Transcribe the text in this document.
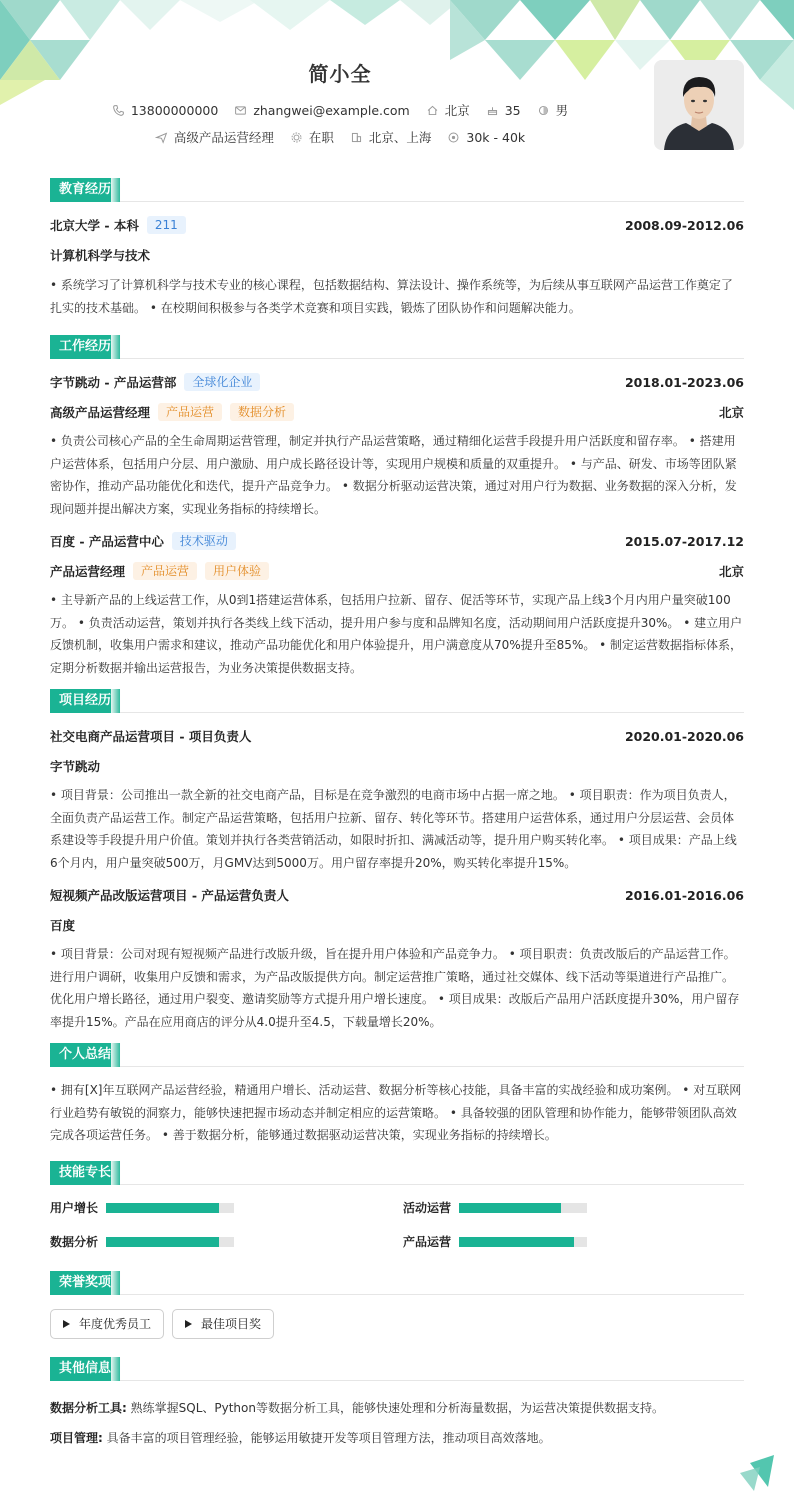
简小全
13800000000	zhangwei@example.com	北京	35	男
高级产品运营经理	在职	北京、上海	30k - 40k
教育经历
北京大学 - 本科	211	2008.09-2012.06
计算机科学与技术
• 系统学习了计算机科学与技术专业的核心课程，包括数据结构、算法设计、操作系统等，为后续从事互联网产品运营工作奠定了扎实的技术基础。 • 在校期间积极参与各类学术竞赛和项目实践，锻炼了团队协作和问题解决能力。
工作经历
字节跳动 - 产品运营部	全球化企业	2018.01-2023.06
高级产品运营经理	产品运营	数据分析	北京
• 负责公司核心产品的全生命周期运营管理，制定并执行产品运营策略，通过精细化运营手段提升用户活跃度和留存率。 • 搭建用户运营体系，包括用户分层、用户激励、用户成长路径设计等，实现用户规模和质量的双重提升。 • 与产品、研发、市场等团队紧密协作，推动产品功能优化和迭代，提升产品竞争力。 • 数据分析驱动运营决策，通过对用户行为数据、业务数据的深入分析，发现问题并提出解决方案，实现业务指标的持续增长。
百度 - 产品运营中心	技术驱动	2015.07-2017.12
产品运营经理	产品运营	用户体验	北京
• 主导新产品的上线运营工作，从0到1搭建运营体系，包括用户拉新、留存、促活等环节，实现产品上线3个月内用户量突破100万。 • 负责活动运营，策划并执行各类线上线下活动，提升用户参与度和品牌知名度，活动期间用户活跃度提升30%。 • 建立用户反馈机制，收集用户需求和建议，推动产品功能优化和用户体验提升，用户满意度从70%提升至85%。 • 制定运营数据指标体系，定期分析数据并输出运营报告，为业务决策提供数据支持。
项目经历
社交电商产品运营项目 - 项目负责人	2020.01-2020.06
字节跳动
• 项目背景：公司推出一款全新的社交电商产品，目标是在竞争激烈的电商市场中占据一席之地。 • 项目职责：作为项目负责人，全面负责产品运营工作。制定产品运营策略，包括用户拉新、留存、转化等环节。搭建用户运营体系，通过用户分层运营、会员体系建设等手段提升用户价值。策划并执行各类营销活动，如限时折扣、满减活动等，提升用户购买转化率。 • 项目成果：产品上线6个月内，用户量突破500万，月GMV达到5000万。用户留存率提升20%，购买转化率提升15%。
短视频产品改版运营项目 - 产品运营负责人	2016.01-2016.06
百度
• 项目背景：公司对现有短视频产品进行改版升级，旨在提升用户体验和产品竞争力。 • 项目职责：负责改版后的产品运营工作。进行用户调研，收集用户反馈和需求，为产品改版提供方向。制定运营推广策略，通过社交媒体、线下活动等渠道进行产品推广。优化用户增长路径，通过用户裂变、邀请奖励等方式提升用户增长速度。 • 项目成果：改版后产品用户活跃度提升30%，用户留存率提升15%。产品在应用商店的评分从4.0提升至4.5，下载量增长20%。
个人总结
• 拥有[X]年互联网产品运营经验，精通用户增长、活动运营、数据分析等核心技能，具备丰富的实战经验和成功案例。 • 对互联网行业趋势有敏锐的洞察力，能够快速把握市场动态并制定相应的运营策略。 • 具备较强的团队管理和协作能力，能够带领团队高效完成各项运营任务。 • 善于数据分析，能够通过数据驱动运营决策，实现业务指标的持续增长。
技能专长
用户增长	活动运营
数据分析	产品运营
荣誉奖项
年度优秀员工	最佳项目奖
其他信息
数据分析工具: 熟练掌握SQL、Python等数据分析工具，能够快速处理和分析海量数据，为运营决策提供数据支持。
项目管理: 具备丰富的项目管理经验，能够运用敏捷开发等项目管理方法，推动项目高效落地。
